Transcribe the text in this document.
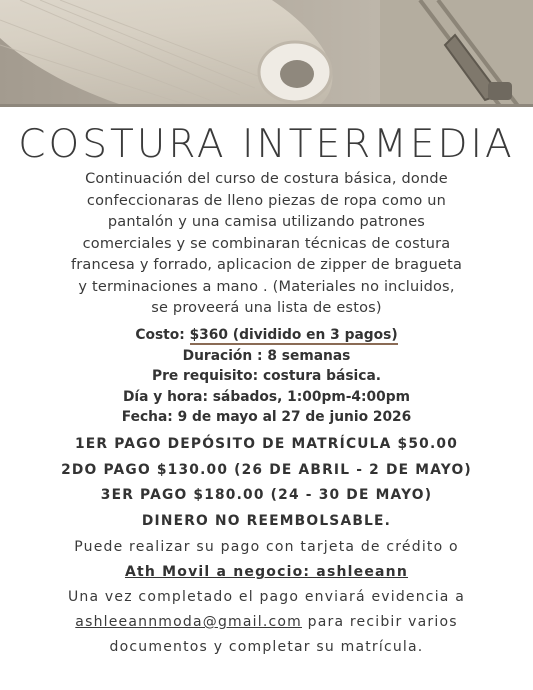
COSTURA INTERMEDIA
Continuación del curso de costura básica, donde
confeccionaras de lleno piezas de ropa como un
pantalón y una camisa utilizando patrones
comerciales y se combinaran técnicas de costura
francesa y forrado, aplicacion de zipper de bragueta
y terminaciones a mano . (Materiales no incluidos,
se proveerá una lista de estos)
Costo: $360 (dividido en 3 pagos)
Duración : 8 semanas
Pre requisito: costura básica.
Día y hora: sábados, 1:00pm-4:00pm
Fecha: 9 de mayo al 27 de junio 2026
1ER PAGO DEPÓSITO DE MATRÍCULA $50.00
2DO PAGO $130.00 (26 DE ABRIL - 2 DE MAYO)
3ER PAGO $180.00 (24 - 30 DE MAYO)
DINERO NO REEMBOLSABLE.
Puede realizar su pago con tarjeta de crédito o
Ath Movil a negocio: ashleeann
Una vez completado el pago enviará evidencia a
ashleeannmoda@gmail.com para recibir varios
documentos y completar su matrícula.
